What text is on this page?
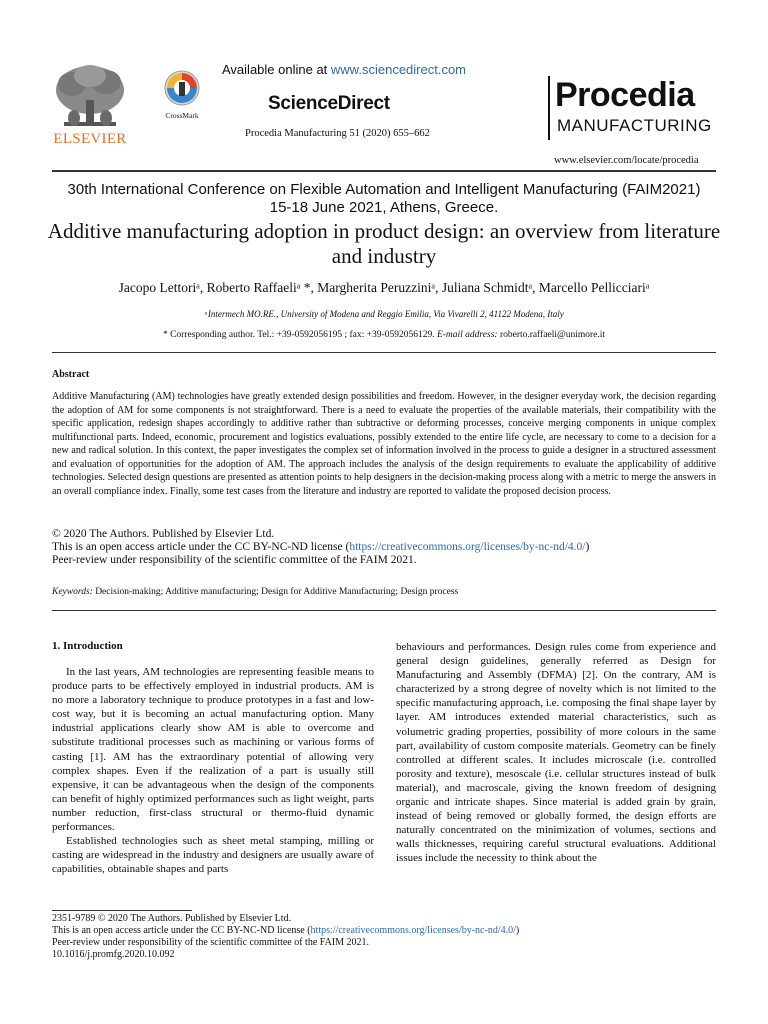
ELSEVIER
CrossMark
Available online at www.sciencedirect.com
ScienceDirect
Procedia Manufacturing 51 (2020) 655–662
Procedia
MANUFACTURING
www.elsevier.com/locate/procedia
30th International Conference on Flexible Automation and Intelligent Manufacturing (FAIM2021)
15-18 June 2021, Athens, Greece.
Additive manufacturing adoption in product design: an overview from literature and industry
Jacopo Lettoriᵃ, Roberto Raffaeliᵃ *, Margherita Peruzziniᵃ, Juliana Schmidtᵃ, Marcello Pellicciariᵃ
ᵃIntermech MO.RE., University of Modena and Reggio Emilia, Via Vivarelli 2, 41122 Modena, Italy
* Corresponding author. Tel.: +39-0592056195 ; fax: +39-0592056129. E-mail address: roberto.raffaeli@unimore.it
Abstract

Additive Manufacturing (AM) technologies have greatly extended design possibilities and freedom. However, in the designer everyday work, the decision regarding the adoption of AM for some components is not straightforward. There is a need to evaluate the properties of the available materials, their compatibility with the specific application, redesign shapes accordingly to additive rather than subtractive or deforming processes, conceive merging components in unique complex multifunctional parts. Indeed, economic, procurement and logistics evaluations, possibly extended to the entire life cycle, are necessary to come to a decision for a new and radical solution. In this context, the paper investigates the complex set of information involved in the process to guide a designer in a structured assessment and evaluation of opportunities for the adoption of AM. The approach includes the analysis of the design requirements to evaluate the applicability of additive technologies. Selected design questions are presented as attention points to help designers in the decision-making process along with a metric to merge the answers in an overall compliance index. Finally, some test cases from the literature and industry are reported to validate the proposed decision process.

© 2020 The Authors. Published by Elsevier Ltd.
This is an open access article under the CC BY-NC-ND license (https://creativecommons.org/licenses/by-nc-nd/4.0/)
Peer-review under responsibility of the scientific committee of the FAIM 2021.
Keywords: Decision-making; Additive manufacturing; Design for Additive Manufacturing; Design process
1. Introduction

In the last years, AM technologies are representing feasible means to produce parts to be effectively employed in industrial products. AM is no more a laboratory technique to produce prototypes in a fast and low-cost way, but it is becoming an actual manufacturing option. Many industrial applications clearly show AM is able to overcome and substitute traditional processes such as machining or various forms of casting [1]. AM has the extraordinary potential of allowing very complex shapes. Even if the realization of a part is usually still expensive, it can be advantageous when the design of the components can benefit of highly optimized performances such as light weight, parts number reduction, first-class structural or thermo-fluid dynamic performances.

Established technologies such as sheet metal stamping, milling or casting are widespread in the industry and designers are usually aware of capabilities, obtainable shapes and parts

behaviours and performances. Design rules come from experience and general design guidelines, generally referred as Design for Manufacturing and Assembly (DFMA) [2]. On the contrary, AM is characterized by a strong degree of novelty which is not limited to the specific manufacturing approach, i.e. composing the final shape layer by layer. AM introduces extended material characteristics, such as volumetric grading properties, possibility of more colours in the same part, availability of custom composite materials. Geometry can be finely controlled at different scales. It includes microscale (i.e. controlled porosity and texture), mesoscale (i.e. cellular structures instead of bulk material), and macroscale, giving the known freedom of designing organic and intricate shapes. Since material is added grain by grain, instead of being removed or globally formed, the design efforts are naturally concentrated on the minimization of volumes, sections and walls thicknesses, requiring careful structural evaluations. Additional issues include the necessity to think about the

2351-9789 © 2020 The Authors. Published by Elsevier Ltd.
This is an open access article under the CC BY-NC-ND license (https://creativecommons.org/licenses/by-nc-nd/4.0/)
Peer-review under responsibility of the scientific committee of the FAIM 2021.
10.1016/j.promfg.2020.10.092
